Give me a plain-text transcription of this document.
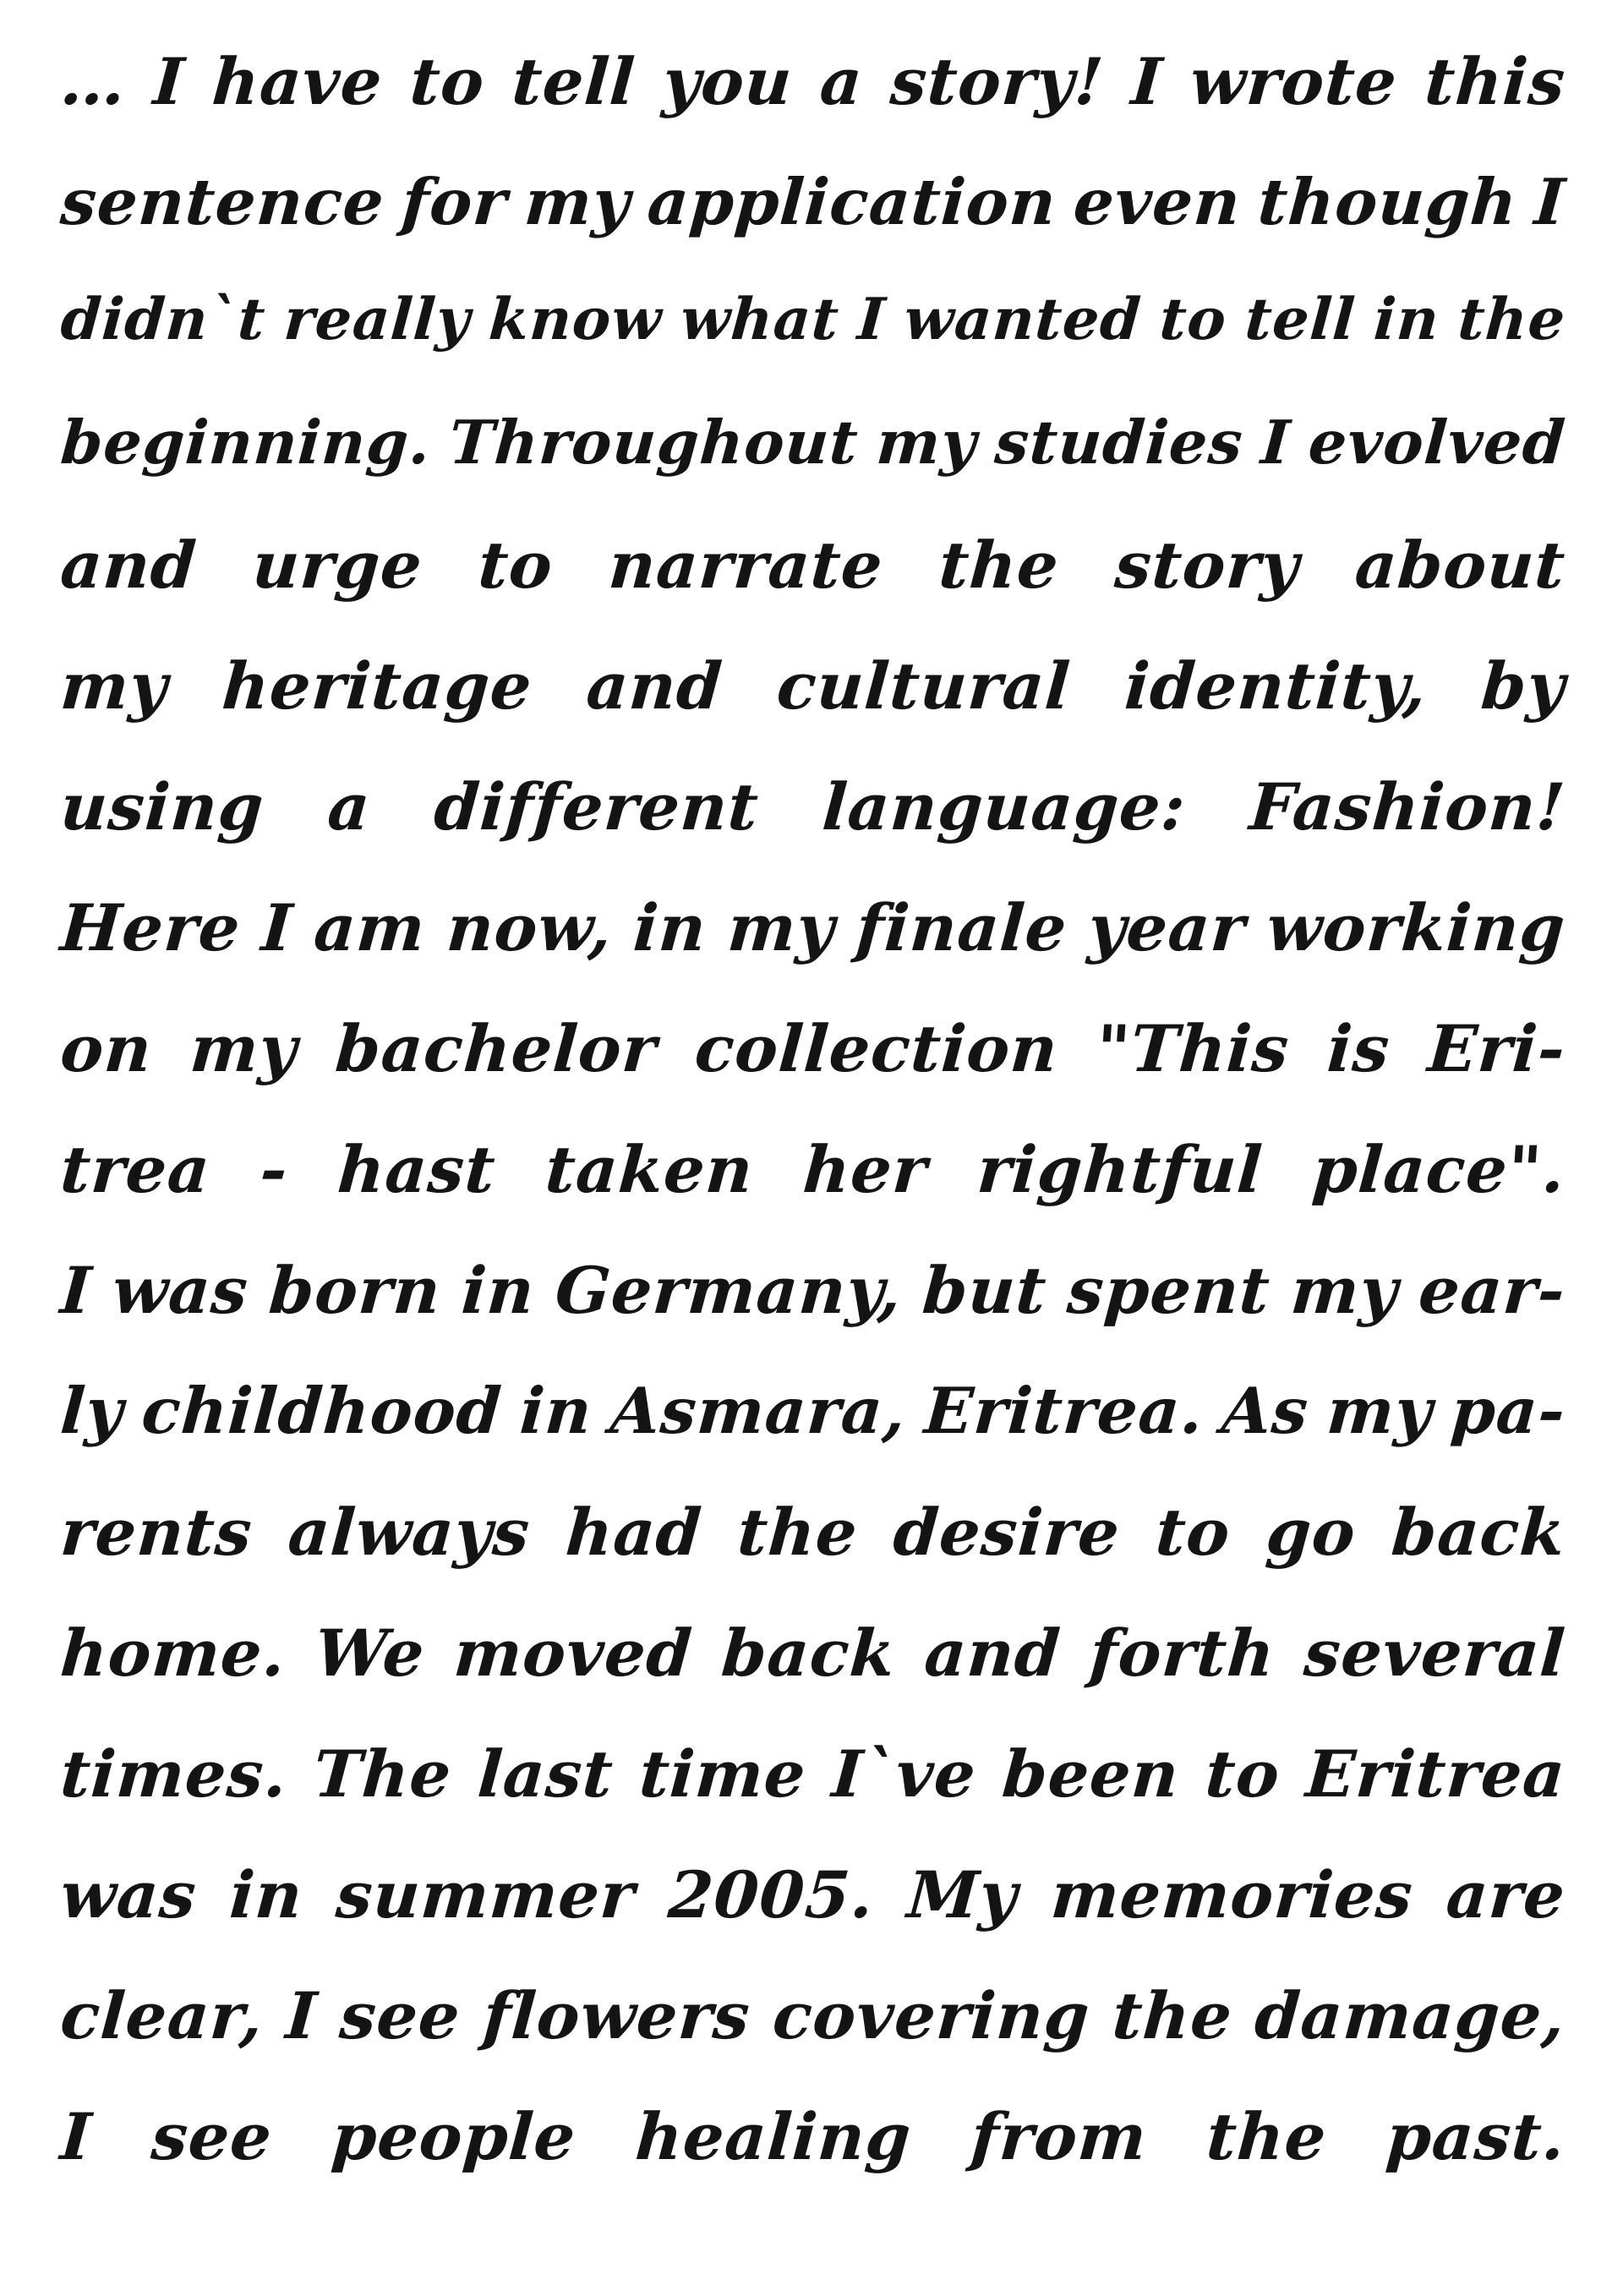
… I have to tell you a story! I wrote this
sentence for my application even though I
didn`t really know what I wanted to tell in the
beginning. Throughout my studies I evolved
and urge to narrate the story about
my heritage and cultural identity, by
using a different language: Fashion!
Here I am now, in my finale year working
on my bachelor collection "This is Eri-
trea - hast taken her rightful place".
I was born in Germany, but spent my ear-
ly childhood in Asmara, Eritrea. As my pa-
rents always had the desire to go back
home. We moved back and forth several
times. The last time I`ve been to Eritrea
was in summer 2005. My memories are
clear, I see flowers covering the damage,
I see people healing from the past.
